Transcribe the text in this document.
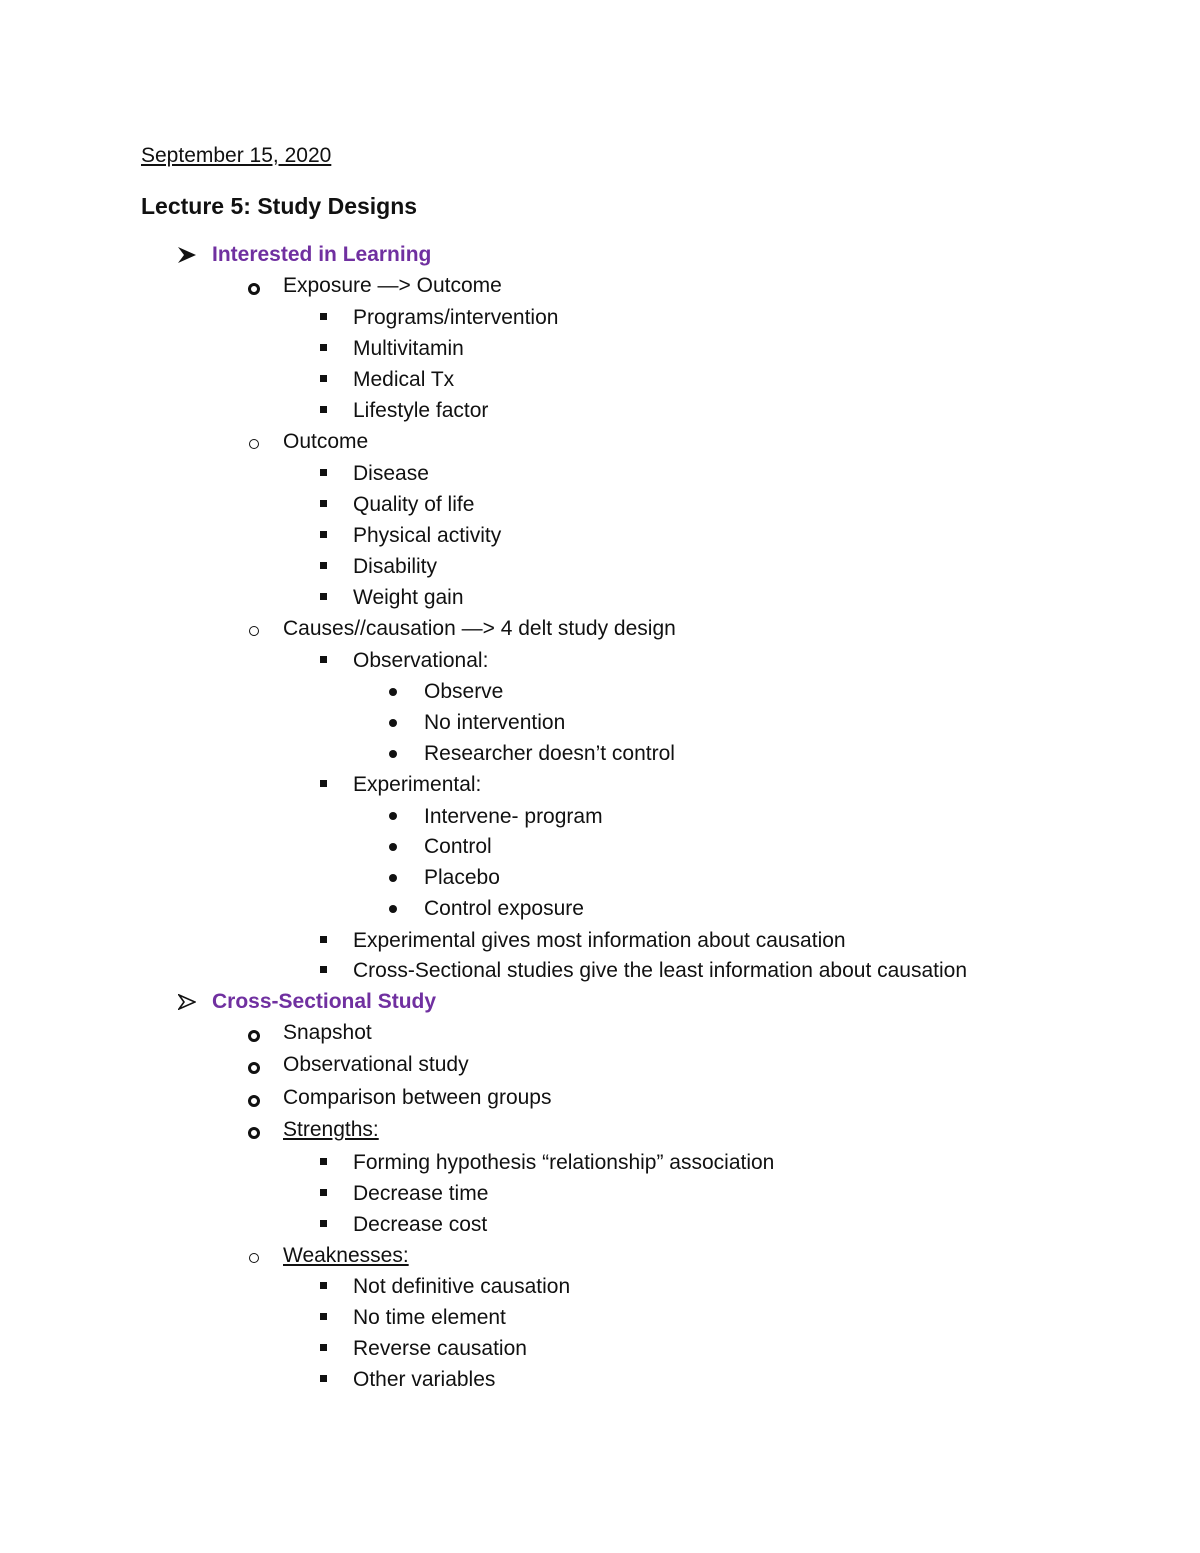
September 15, 2020
Lecture 5: Study Designs
Interested in Learning
Exposure —> Outcome
Programs/intervention
Multivitamin
Medical Tx
Lifestyle factor
Outcome
Disease
Quality of life
Physical activity
Disability
Weight gain
Causes//causation —> 4 delt study design
Observational:
Observe
No intervention
Researcher doesn’t control
Experimental:
Intervene- program
Control
Placebo
Control exposure
Experimental gives most information about causation
Cross-Sectional studies give the least information about causation
Cross-Sectional Study
Snapshot
Observational study
Comparison between groups
Strengths:
Forming hypothesis “relationship” association
Decrease time
Decrease cost
Weaknesses:
Not definitive causation
No time element
Reverse causation
Other variables
